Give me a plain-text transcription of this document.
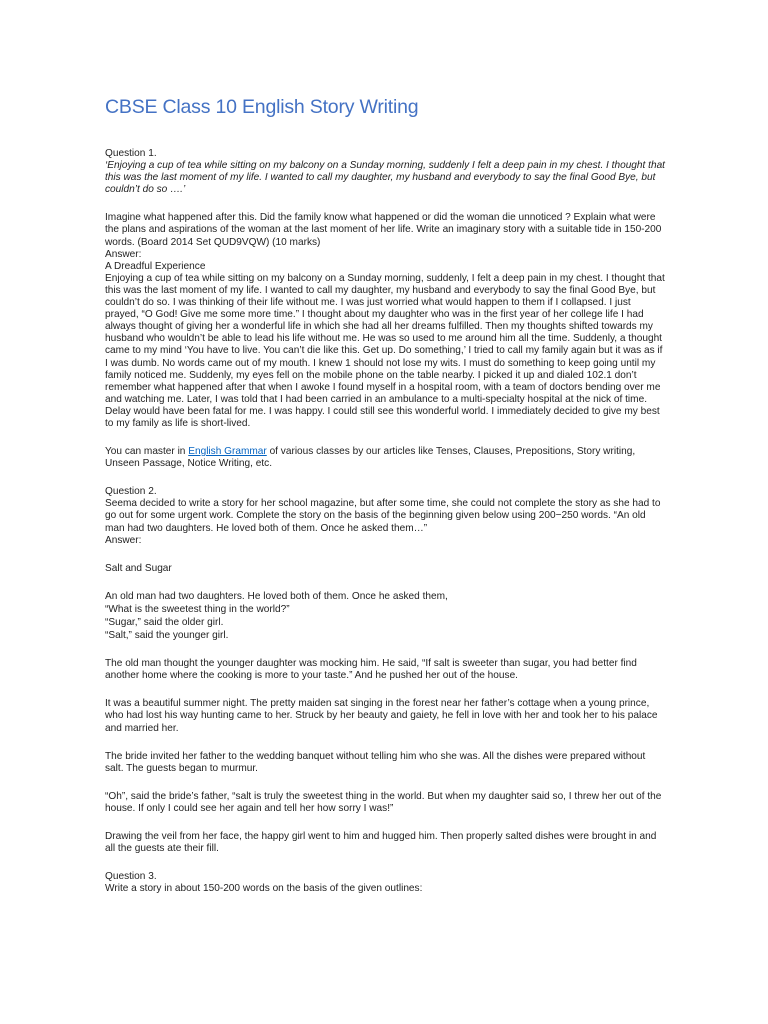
CBSE Class 10 English Story Writing

Question 1.

‘Enjoying a cup of tea while sitting on my balcony on a Sunday morning, suddenly I felt a deep pain in my chest. I thought that this was the last moment of my life. I wanted to call my daughter, my husband and everybody to say the final Good Bye, but couldn’t do so ….’

Imagine what happened after this. Did the family know what happened or did the woman die unnoticed ? Explain what were the plans and aspirations of the woman at the last moment of her life. Write an imaginary story with a suitable tide in 150-200 words. (Board 2014 Set QUD9VQW) (10 marks)

Answer:

A Dreadful Experience

Enjoying a cup of tea while sitting on my balcony on a Sunday morning, suddenly, I felt a deep pain in my chest. I thought that this was the last moment of my life. I wanted to call my daughter, my husband and everybody to say the final Good Bye, but couldn’t do so. I was thinking of their life without me. I was just worried what would happen to them if I collapsed. I just prayed, “O God! Give me some more time.” I thought about my daughter who was in the first year of her college life I had always thought of giving her a wonderful life in which she had all her dreams fulfilled. Then my thoughts shifted towards my husband who wouldn’t be able to lead his life without me. He was so used to me around him all the time. Suddenly, a thought came to my mind ‘You have to live. You can’t die like this. Get up. Do something,’ I tried to call my family again but it was as if I was dumb. No words came out of my mouth. I knew 1 should not lose my wits. I must do something to keep going until my family noticed me. Suddenly, my eyes fell on the mobile phone on the table nearby. I picked it up and dialed 102.1 don’t remember what happened after that when I awoke I found myself in a hospital room, with a team of doctors bending over me and watching me. Later, I was told that I had been carried in an ambulance to a multi-specialty hospital at the nick of time. Delay would have been fatal for me. I was happy. I could still see this wonderful world. I immediately decided to give my best to my family as life is short-lived.

You can master in English Grammar of various classes by our articles like Tenses, Clauses, Prepositions, Story writing, Unseen Passage, Notice Writing, etc.

Question 2.

Seema decided to write a story for her school magazine, but after some time, she could not complete the story as she had to go out for some urgent work. Complete the story on the basis of the beginning given below using 200−250 words. “An old man had two daughters. He loved both of them. Once he asked them…”

Answer:

Salt and Sugar

An old man had two daughters. He loved both of them. Once he asked them,

“What is the sweetest thing in the world?”

“Sugar,” said the older girl.

“Salt,” said the younger girl.

The old man thought the younger daughter was mocking him. He said, “If salt is sweeter than sugar, you had better find another home where the cooking is more to your taste.” And he pushed her out of the house.

It was a beautiful summer night. The pretty maiden sat singing in the forest near her father’s cottage when a young prince, who had lost his way hunting came to her. Struck by her beauty and gaiety, he fell in love with her and took her to his palace and married her.

The bride invited her father to the wedding banquet without telling him who she was. All the dishes were prepared without salt. The guests began to murmur.

“Oh”, said the bride’s father, “salt is truly the sweetest thing in the world. But when my daughter said so, I threw her out of the house. If only I could see her again and tell her how sorry I was!”

Drawing the veil from her face, the happy girl went to him and hugged him. Then properly salted dishes were brought in and all the guests ate their fill.

Question 3.

Write a story in about 150-200 words on the basis of the given outlines:
